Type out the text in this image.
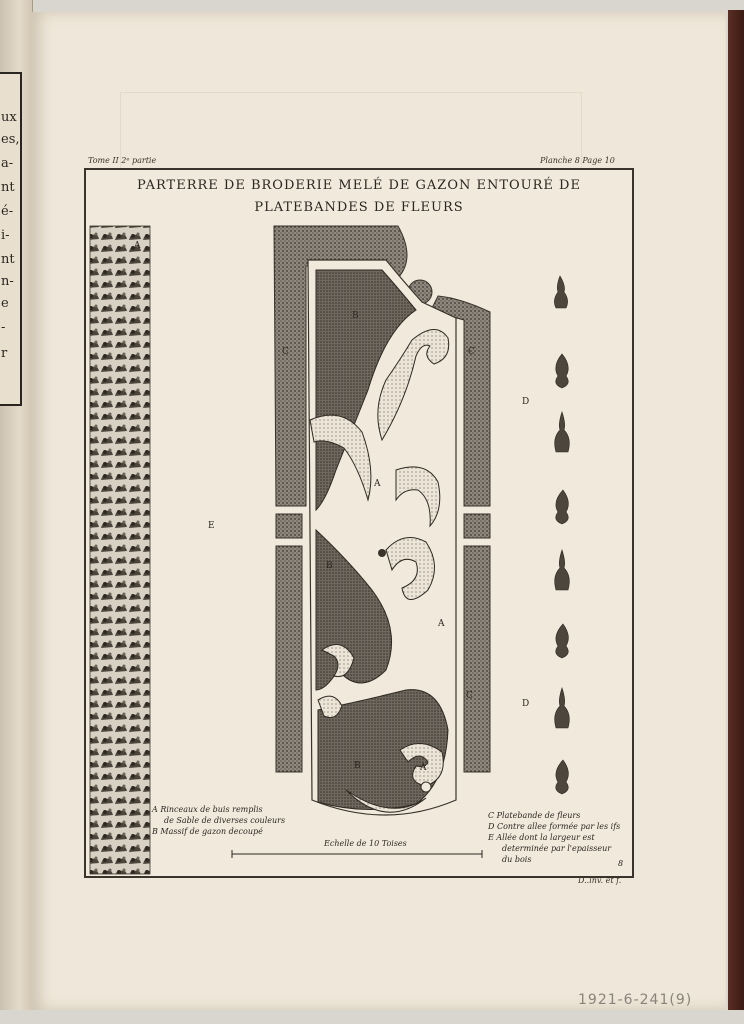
ux
es,
a-
nt
é-
i-
nt
n-
e
-
r
Tome II 2ᵉ partie	Planche 8 Page 10
PARTERRE DE BRODERIE MELÉ DE GAZON ENTOURÉ DE
PLATEBANDES DE FLEURS
A
B
C	C
D
E
A
B
A
D
C
B	A
Echelle de 10 Toises
8
A Rinceaux de buis remplis
de Sable de diverses couleurs
B Massif de gazon decoupé
C Platebande de fleurs
D Contre allee formée par les ifs
E Allée dont la largeur est
determinée par l'epaisseur
du bois
D..inv. et f.
1921-6-241(9)
